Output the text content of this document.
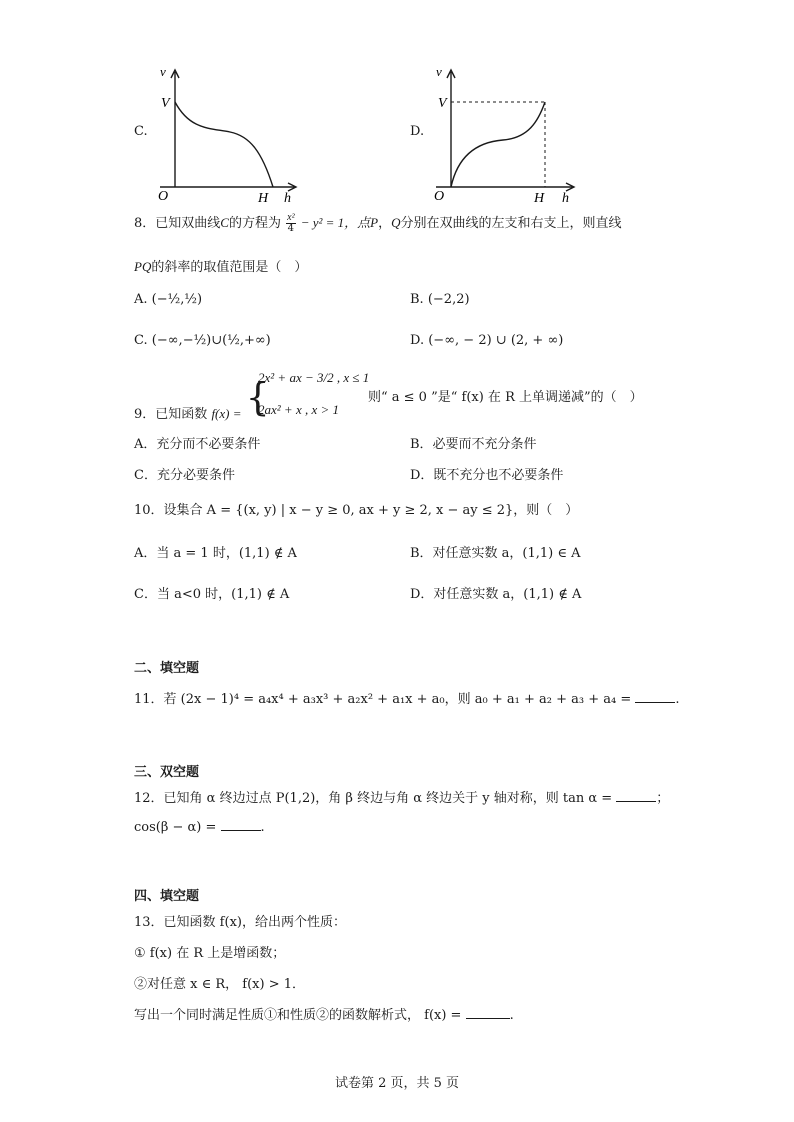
C.
v
V
O	H h
D.
v
V
O	H h
8．已知双曲线C的方程为 $\frac{\text{x²}}{4} - y^2 = 1$，点P，Q分别在双曲线的左支和右支上，则直线
PQ的斜率的取值范围是（　）
A. (−½,½)	B. (−2,2)
C. (−∞,−½)∪(½,+∞)	D. (−∞, − 2) ∪ (2, + ∞)
9．已知函数 f(x) = {
2x² + ax − 3/2 , x ≤ 1
2ax² + x , x > 1
则“ a ≤ 0 ”是“ f(x) 在 R 上单调递减”的（　）
A．充分而不必要条件	B．必要而不充分条件
C．充分必要条件	D．既不充分也不必要条件
10．设集合 A = {(x, y) | x − y ≥ 0, ax + y ≥ 2, x − ay ≤ 2}，则（　）
A．当 a = 1 时，(1,1) ∉ A	B．对任意实数 a，(1,1) ∈ A
C．当 a<0 时，(1,1) ∉ A	D．对任意实数 a，(1,1) ∉ A
二、填空题
11．若 (2x − 1)⁴ = a₄x⁴ + a₃x³ + a₂x² + a₁x + a₀，则 a₀ + a₁ + a₂ + a₃ + a₄ =	.
三、双空题
12．已知角 α 终边过点 P(1,2)，角 β 终边与角 α 终边关于 y 轴对称，则 tan α =	；
cos(β − α) =	.
四、填空题
13．已知函数 f(x)，给出两个性质：
① f(x) 在 R 上是增函数；
②对任意 x ∈ R， f(x) > 1．
写出一个同时满足性质①和性质②的函数解析式， f(x) =	.
试卷第 2 页，共 5 页
